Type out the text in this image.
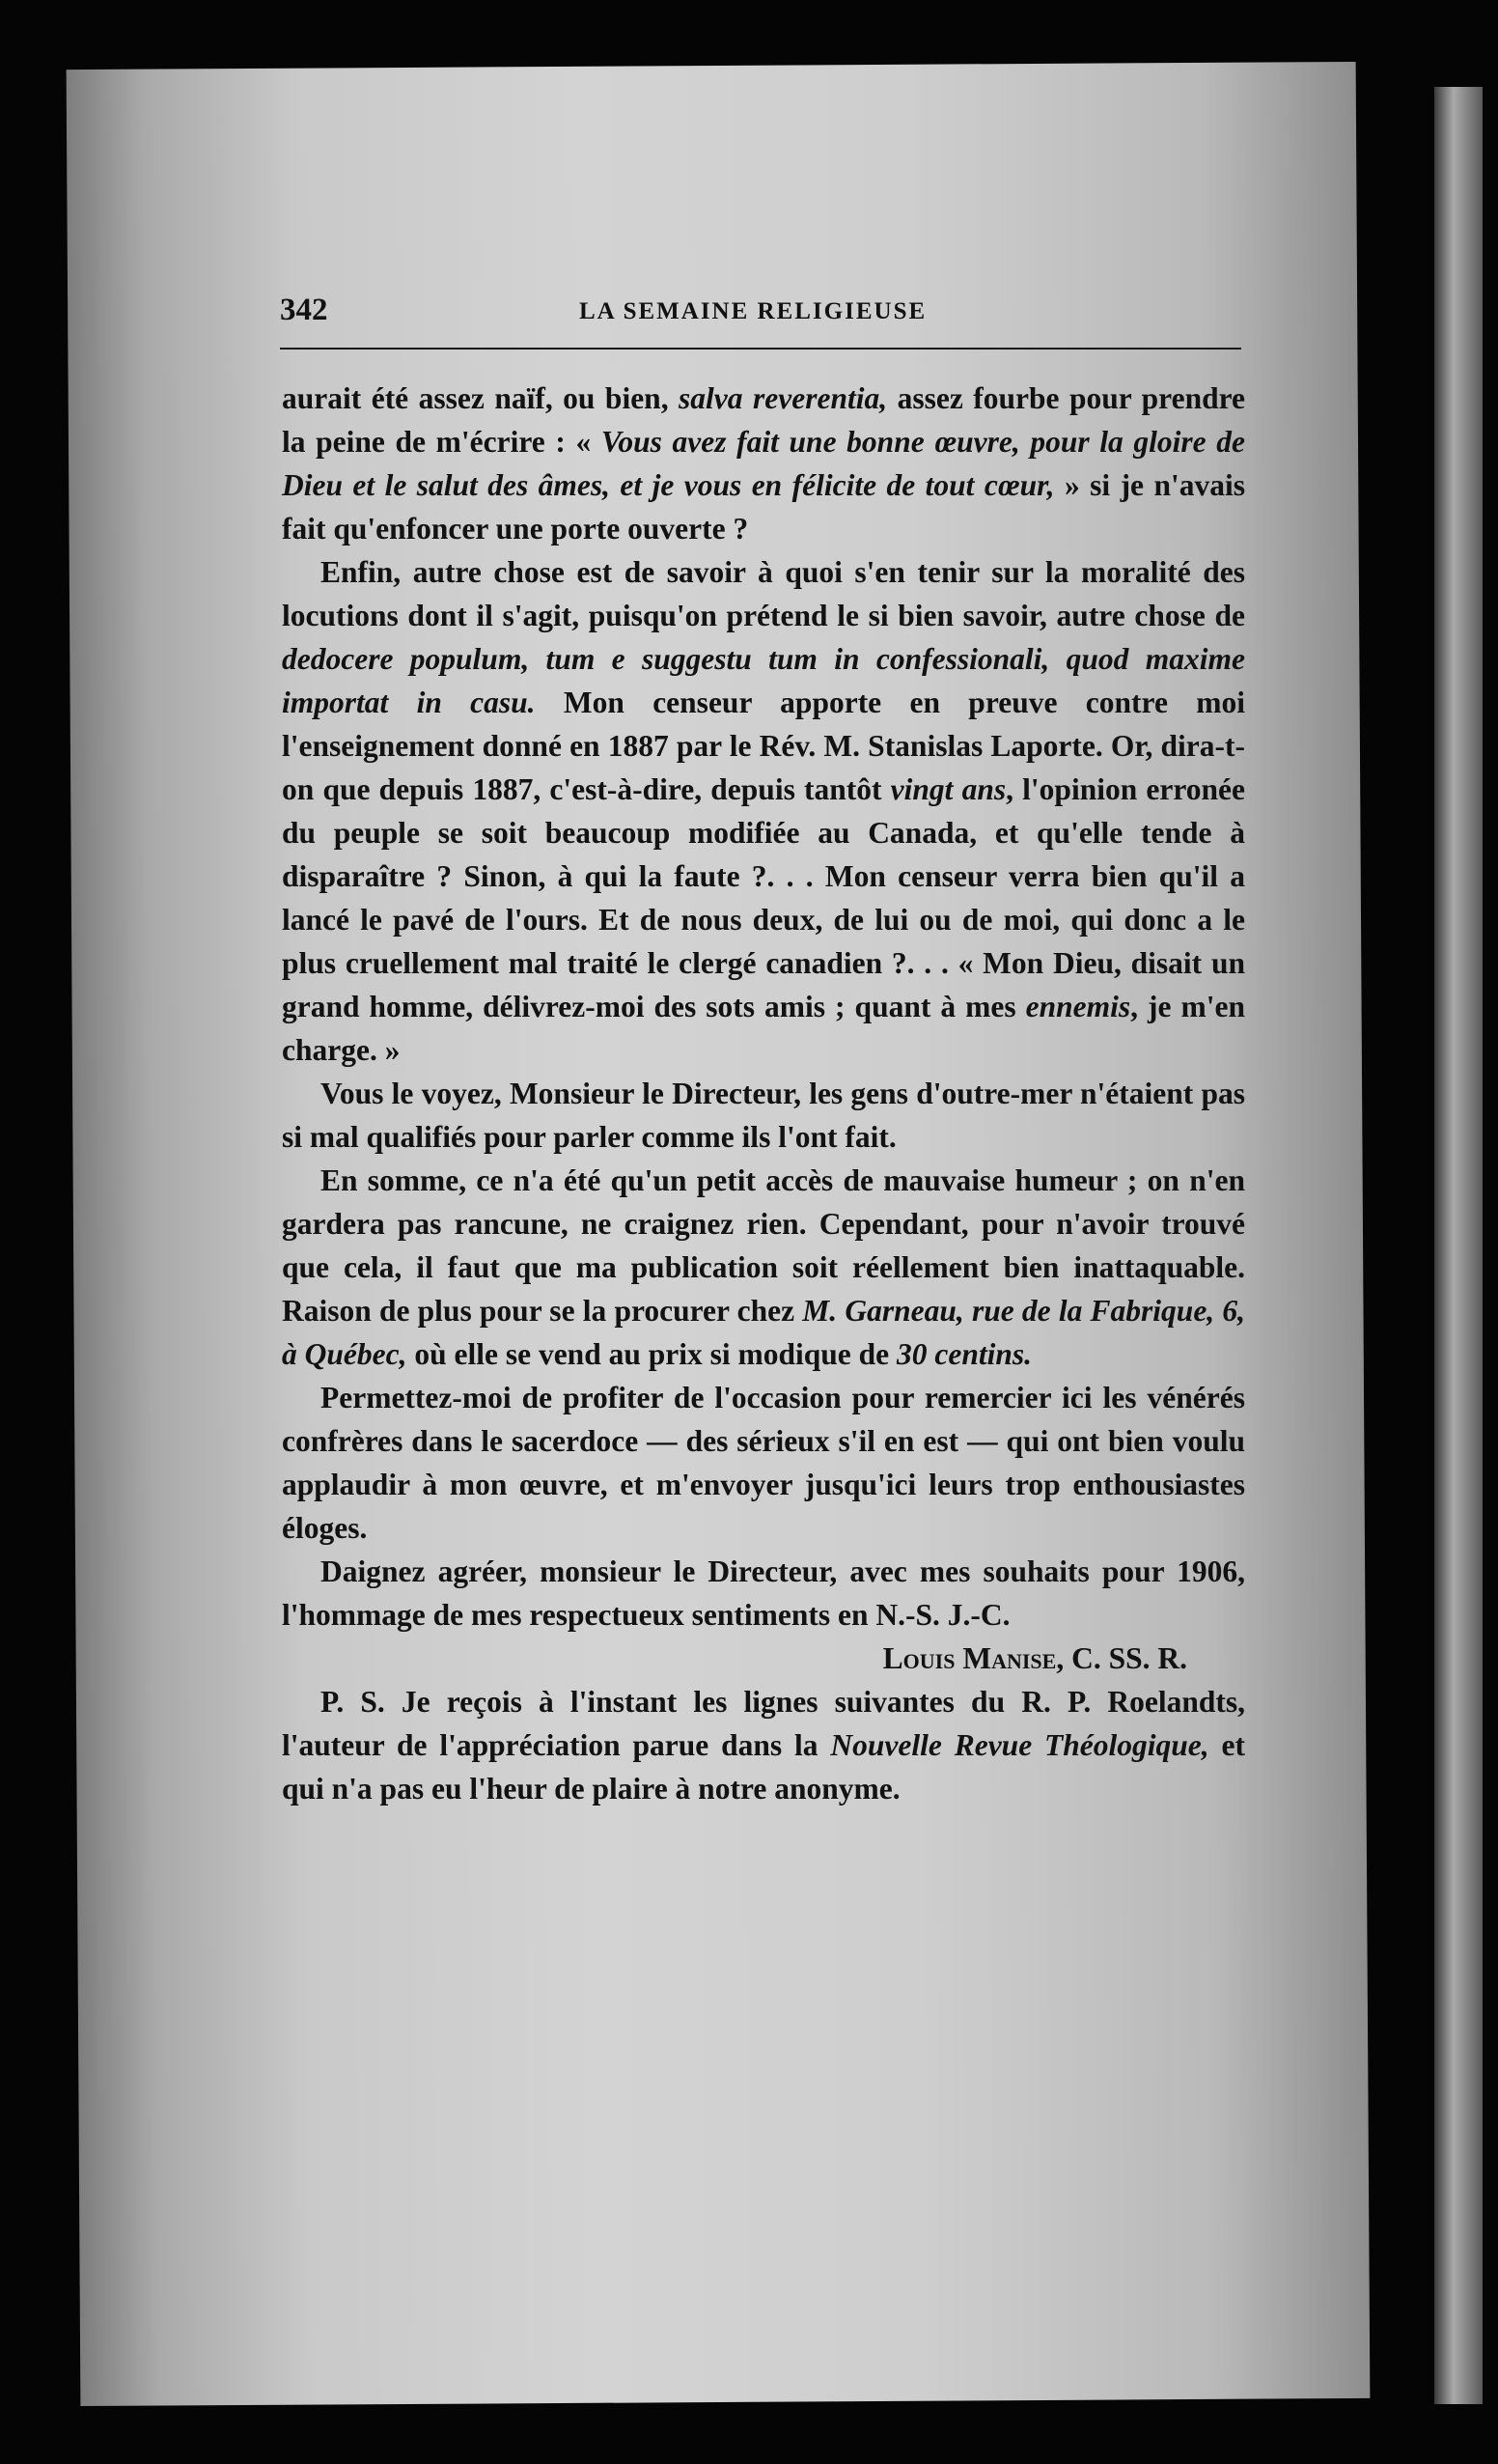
342	LA SEMAINE RELIGIEUSE

aurait été assez naïf, ou bien, salva reverentia, assez fourbe pour prendre la peine de m'écrire : « Vous avez fait une bonne œuvre, pour la gloire de Dieu et le salut des âmes, et je vous en félicite de tout cœur, » si je n'avais fait qu'enfoncer une porte ouverte ?

Enfin, autre chose est de savoir à quoi s'en tenir sur la moralité des locutions dont il s'agit, puisqu'on prétend le si bien savoir, autre chose de dedocere populum, tum e suggestu tum in confessionali, quod maxime importat in casu. Mon censeur apporte en preuve contre moi l'enseignement donné en 1887 par le Rév. M. Stanislas Laporte. Or, dira-t-on que depuis 1887, c'est-à-dire, depuis tantôt vingt ans, l'opinion erronée du peuple se soit beaucoup modifiée au Canada, et qu'elle tende à disparaître ? Sinon, à qui la faute ?. . . Mon censeur verra bien qu'il a lancé le pavé de l'ours. Et de nous deux, de lui ou de moi, qui donc a le plus cruellement mal traité le clergé canadien ?. . . « Mon Dieu, disait un grand homme, délivrez-moi des sots amis ; quant à mes ennemis, je m'en charge. »

Vous le voyez, Monsieur le Directeur, les gens d'outre-mer n'étaient pas si mal qualifiés pour parler comme ils l'ont fait.

En somme, ce n'a été qu'un petit accès de mauvaise humeur ; on n'en gardera pas rancune, ne craignez rien. Cependant, pour n'avoir trouvé que cela, il faut que ma publication soit réellement bien inattaquable. Raison de plus pour se la procurer chez M. Garneau, rue de la Fabrique, 6, à Québec, où elle se vend au prix si modique de 30 centins.

Permettez-moi de profiter de l'occasion pour remercier ici les vénérés confrères dans le sacerdoce — des sérieux s'il en est — qui ont bien voulu applaudir à mon œuvre, et m'envoyer jusqu'ici leurs trop enthousiastes éloges.

Daignez agréer, monsieur le Directeur, avec mes souhaits pour 1906, l'hommage de mes respectueux sentiments en N.-S. J.-C.

Louis Manise, C. SS. R.

P. S. Je reçois à l'instant les lignes suivantes du R. P. Roelandts, l'auteur de l'appréciation parue dans la Nouvelle Revue Théologique, et qui n'a pas eu l'heur de plaire à notre anonyme.
